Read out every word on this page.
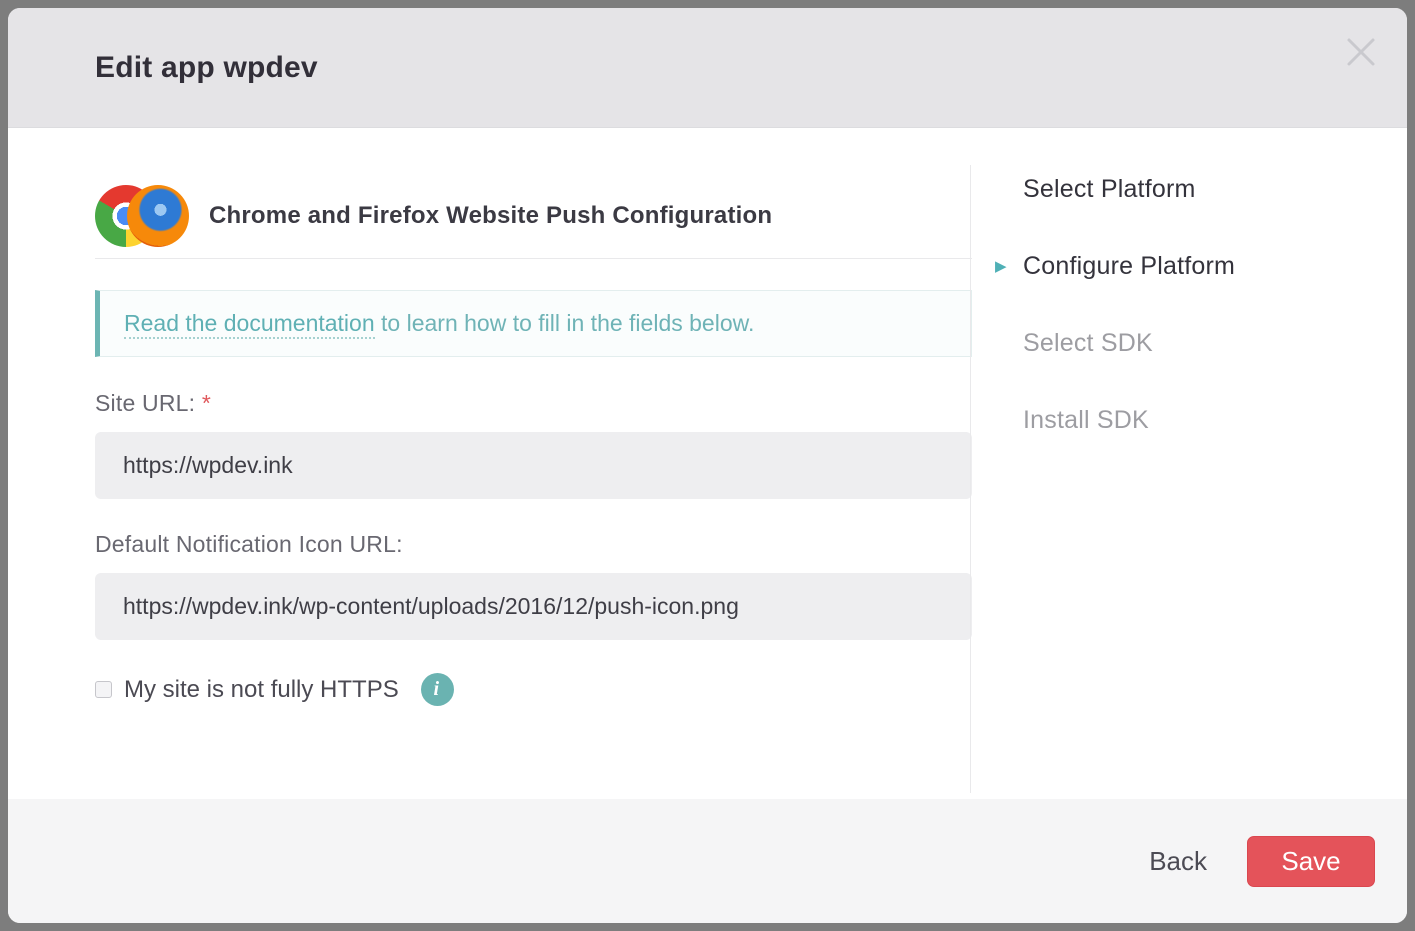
Edit app wpdev
Chrome and Firefox Website Push Configuration
Read the documentation to learn how to fill in the fields below.
Site URL: *
https://wpdev.ink
Default Notification Icon URL:
https://wpdev.ink/wp-content/uploads/2016/12/push-icon.png
My site is not fully HTTPS i
Select Platform
▶ Configure Platform
Select SDK
Install SDK
Back	Save
